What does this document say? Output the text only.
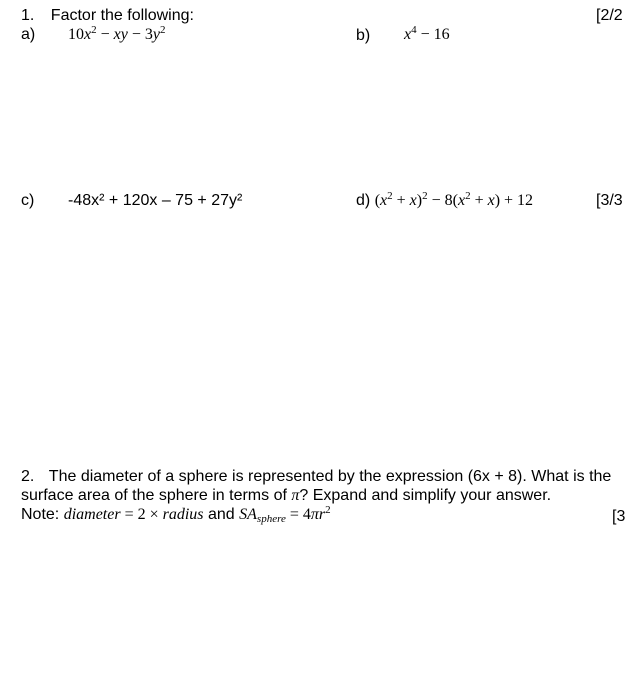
1. Factor the following:	[2/2
a) $10x^2$ − xy − $3y^2$	b) $x^4 - 16$
c) -48x² + 120x – 75 + 27y²	d) $(x^2 + x)^2 - 8(x^2 + x) + 12$	[3/3
2. The diameter of a sphere is represented by the expression (6x + 8). What is the
surface area of the sphere in terms of π? Expand and simplify your answer.
Note: diameter = 2 × radius and $SA_{sphere} = 4\pi r^2$	[3
